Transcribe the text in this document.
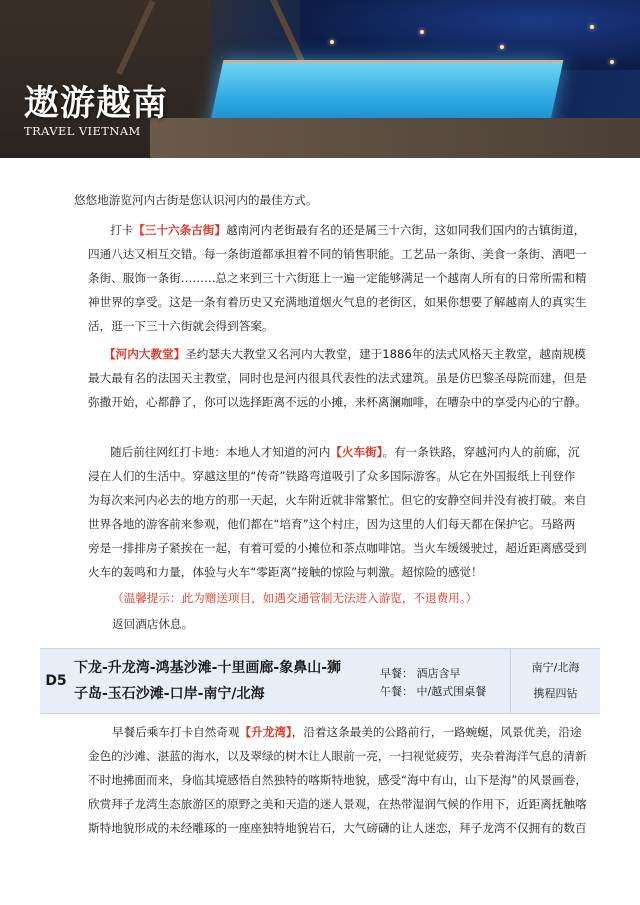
遨游越南
TRAVEL VIETNAM
悠悠地游览河内古街是您认识河内的最佳方式。
打卡【三十六条古街】越南河内老街最有名的还是属三十六街，这如同我们国内的古镇街道，
四通八达又相互交错。每一条街道都承担着不同的销售职能。工艺品一条街、美食一条街、酒吧一
条街、服饰一条街………总之来到三十六街逛上一遍一定能够满足一个越南人所有的日常所需和精
神世界的享受。这是一条有着历史又充满地道烟火气息的老街区，如果你想要了解越南人的真实生
活，逛一下三十六街就会得到答案。
【河内大教堂】圣约瑟夫大教堂又名河内大教堂，建于1886年的法式风格天主教堂，越南规模
最大最有名的法国天主教堂，同时也是河内很具代表性的法式建筑。虽是仿巴黎圣母院而建，但是
弥撒开始，心都静了，你可以选择距离不远的小摊，来杯离澜咖啡，在嘈杂中的享受内心的宁静。
随后前往网红打卡地：本地人才知道的河内【火车街】。有一条铁路，穿越河内人的前廊，沉
浸在人们的生活中。穿越这里的“传奇”铁路弯道吸引了众多国际游客。从它在外国报纸上刊登作
为每次来河内必去的地方的那一天起，火车附近就非常繁忙。但它的安静空间并没有被打破。来自
世界各地的游客前来参观，他们都在“培育”这个村庄，因为这里的人们每天都在保护它。马路两
旁是一排排房子紧挨在一起，有着可爱的小摊位和茶点咖啡馆。当火车缓缓驶过，超近距离感受到
火车的轰鸣和力量，体验与火车“零距离”接触的惊险与刺激。超惊险的感觉！
（温馨提示：此为赠送项目，如遇交通管制无法进入游览，不退费用。）
返回酒店休息。
D5
下龙-升龙湾-鸿基沙滩-十里画廊-象鼻山-狮
子岛-玉石沙滩-口岸-南宁/北海
早餐： 酒店含早
午餐： 中/越式围桌餐
南宁/北海
携程四钻
早餐后乘车打卡自然奇观【升龙湾】，沿着这条最美的公路前行，一路蜿蜒，风景优美，沿途
金色的沙滩、湛蓝的海水，以及翠绿的树木让人眼前一亮，一扫视觉疲劳，夹杂着海洋气息的清新
不时地拂面而来，身临其境感悟自然独特的喀斯特地貌，感受“海中有山，山下是海”的风景画卷，
欣赏拜子龙湾生态旅游区的原野之美和天造的迷人景观，在热带湿润气候的作用下，近距离抚触喀
斯特地貌形成的未经雕琢的一座座独特地貌岩石，大气磅礴的让人迷恋，拜子龙湾不仅拥有的数百
